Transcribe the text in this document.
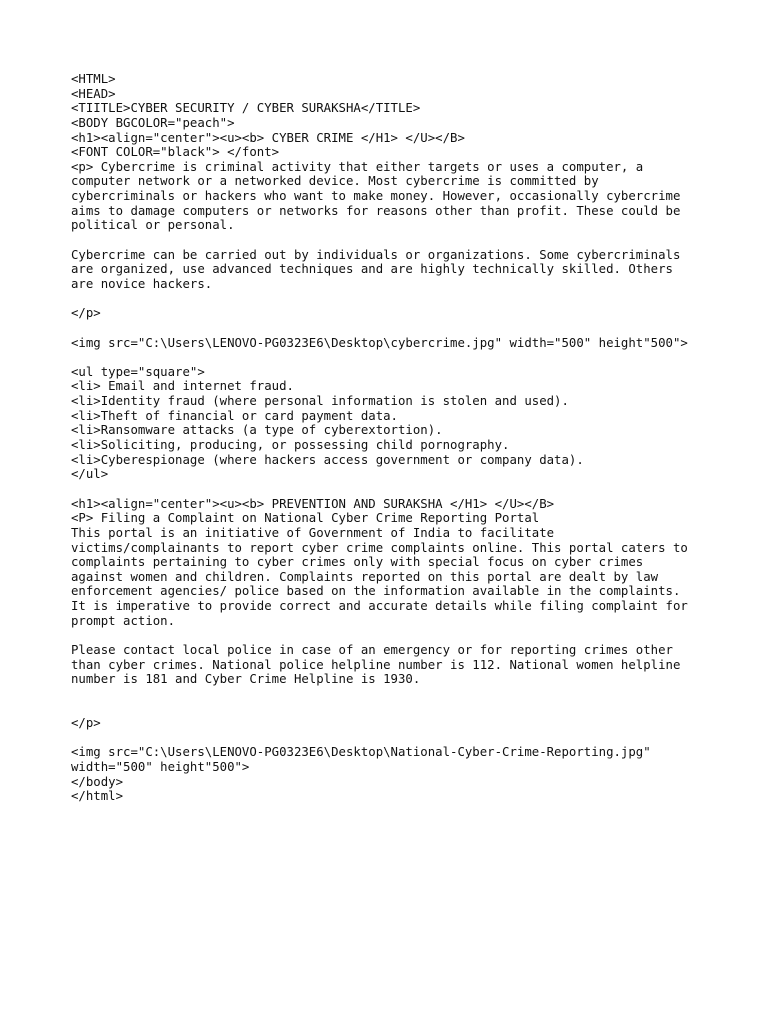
<HTML>
<HEAD>
<TIITLE>CYBER SECURITY / CYBER SURAKSHA</TITLE>
<BODY BGCOLOR="peach">
<h1><align="center"><u><b> CYBER CRIME </H1> </U></B>
<FONT COLOR="black"> </font>
<p> Cybercrime is criminal activity that either targets or uses a computer, a
computer network or a networked device. Most cybercrime is committed by
cybercriminals or hackers who want to make money. However, occasionally cybercrime
aims to damage computers or networks for reasons other than profit. These could be
political or personal.
Cybercrime can be carried out by individuals or organizations. Some cybercriminals
are organized, use advanced techniques and are highly technically skilled. Others
are novice hackers.
</p>
<img src="C:\Users\LENOVO-PG0323E6\Desktop\cybercrime.jpg" width="500" height"500">
<ul type="square">
<li> Email and internet fraud.
<li>Identity fraud (where personal information is stolen and used).
<li>Theft of financial or card payment data.
<li>Ransomware attacks (a type of cyberextortion).
<li>Soliciting, producing, or possessing child pornography.
<li>Cyberespionage (where hackers access government or company data).
</ul>
<h1><align="center"><u><b> PREVENTION AND SURAKSHA </H1> </U></B>
<P> Filing a Complaint on National Cyber Crime Reporting Portal
This portal is an initiative of Government of India to facilitate
victims/complainants to report cyber crime complaints online. This portal caters to
complaints pertaining to cyber crimes only with special focus on cyber crimes
against women and children. Complaints reported on this portal are dealt by law
enforcement agencies/ police based on the information available in the complaints.
It is imperative to provide correct and accurate details while filing complaint for
prompt action.
Please contact local police in case of an emergency or for reporting crimes other
than cyber crimes. National police helpline number is 112. National women helpline
number is 181 and Cyber Crime Helpline is 1930.
</p>
<img src="C:\Users\LENOVO-PG0323E6\Desktop\National-Cyber-Crime-Reporting.jpg"
width="500" height"500">
</body>
</html>
